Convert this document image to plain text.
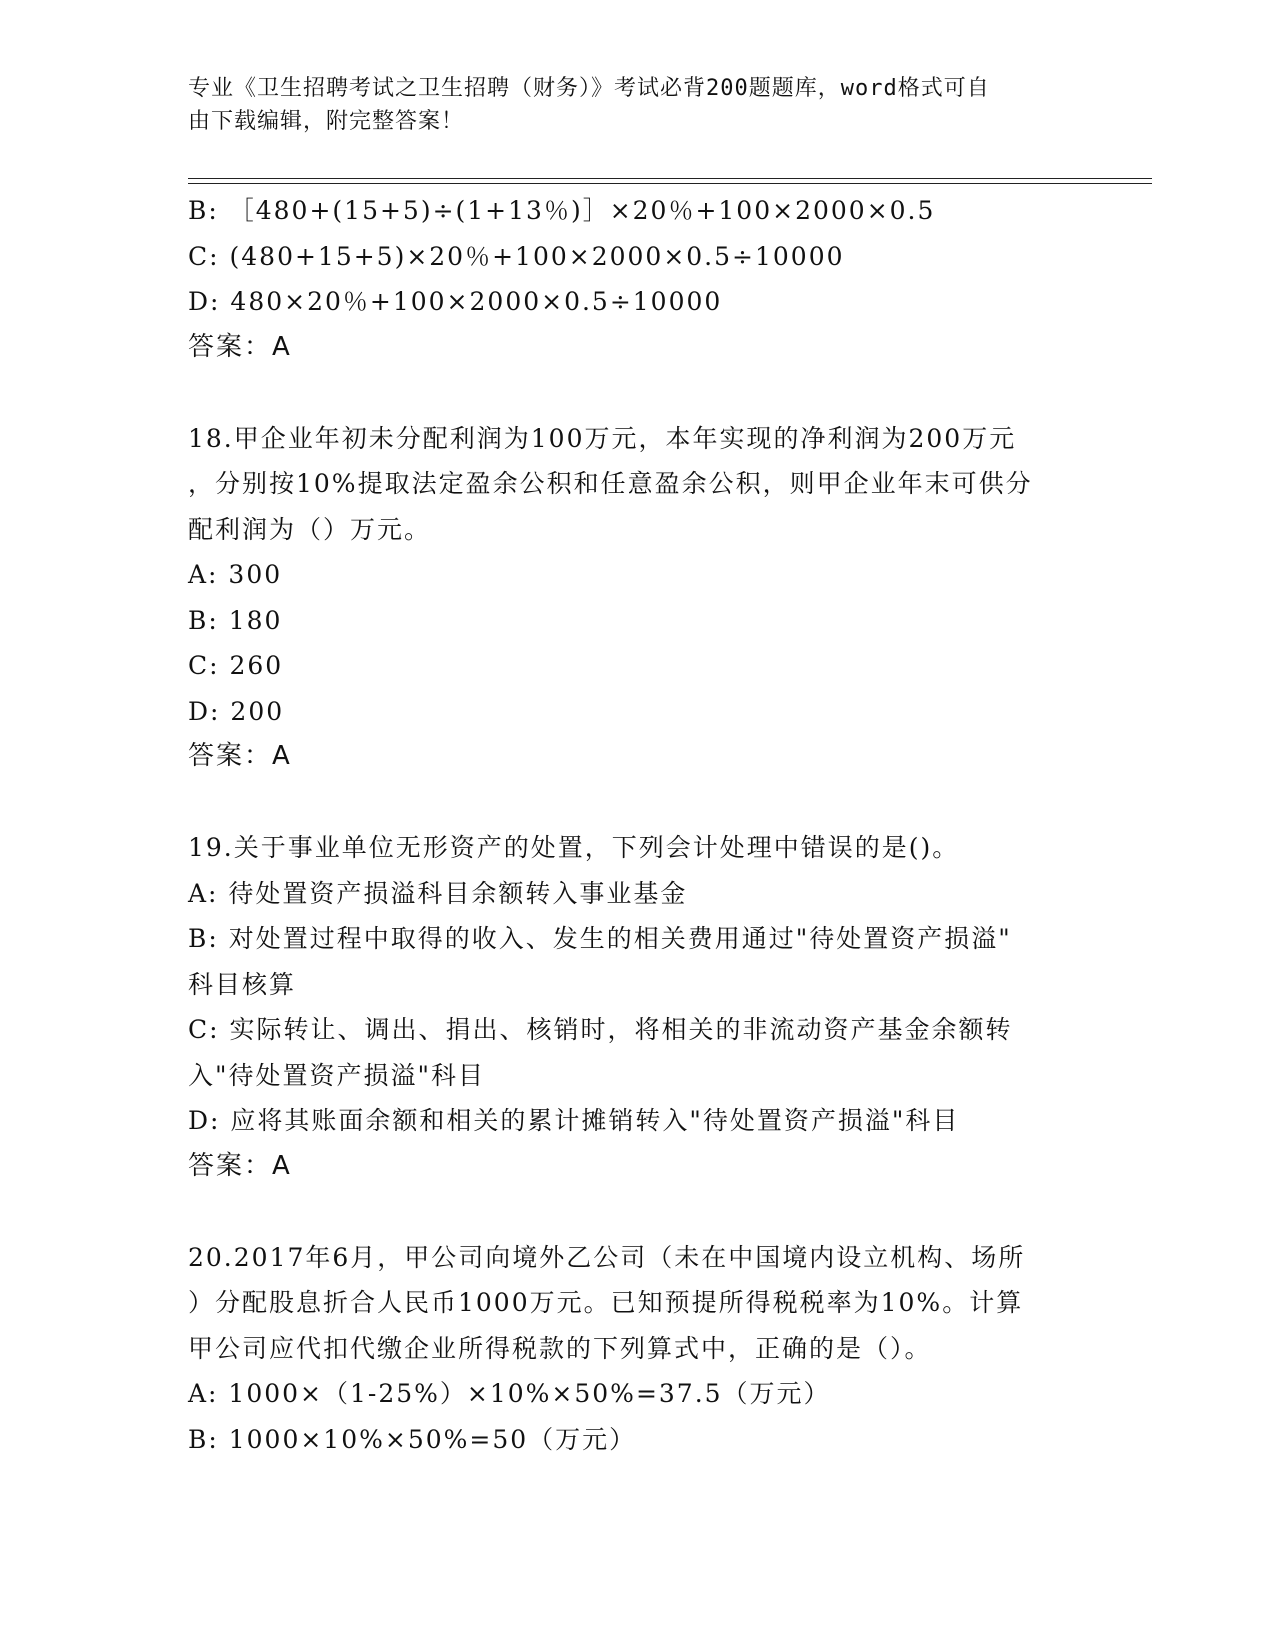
专业《卫生招聘考试之卫生招聘（财务）》考试必背200题题库，word格式可自
由下载编辑，附完整答案！
B: ［480+(15+5)÷(1+13％)］×20％+100×2000×0.5
C: (480+15+5)×20％+100×2000×0.5÷10000
D: 480×20％+100×2000×0.5÷10000
答案：A
18.甲企业年初未分配利润为100万元，本年实现的净利润为200万元
，分别按10%提取法定盈余公积和任意盈余公积，则甲企业年末可供分
配利润为（）万元。
A: 300
B: 180
C: 260
D: 200
答案：A
19.关于事业单位无形资产的处置，下列会计处理中错误的是()。
A: 待处置资产损溢科目余额转入事业基金
B: 对处置过程中取得的收入、发生的相关费用通过"待处置资产损溢"
科目核算
C: 实际转让、调出、捐出、核销时，将相关的非流动资产基金余额转
入"待处置资产损溢"科目
D: 应将其账面余额和相关的累计摊销转入"待处置资产损溢"科目
答案：A
20.2017年6月，甲公司向境外乙公司（未在中国境内设立机构、场所
）分配股息折合人民币1000万元。已知预提所得税税率为10%。计算
甲公司应代扣代缴企业所得税款的下列算式中，正确的是（）。
A: 1000×（1-25%）×10%×50%=37.5（万元）
B: 1000×10%×50%=50（万元）
